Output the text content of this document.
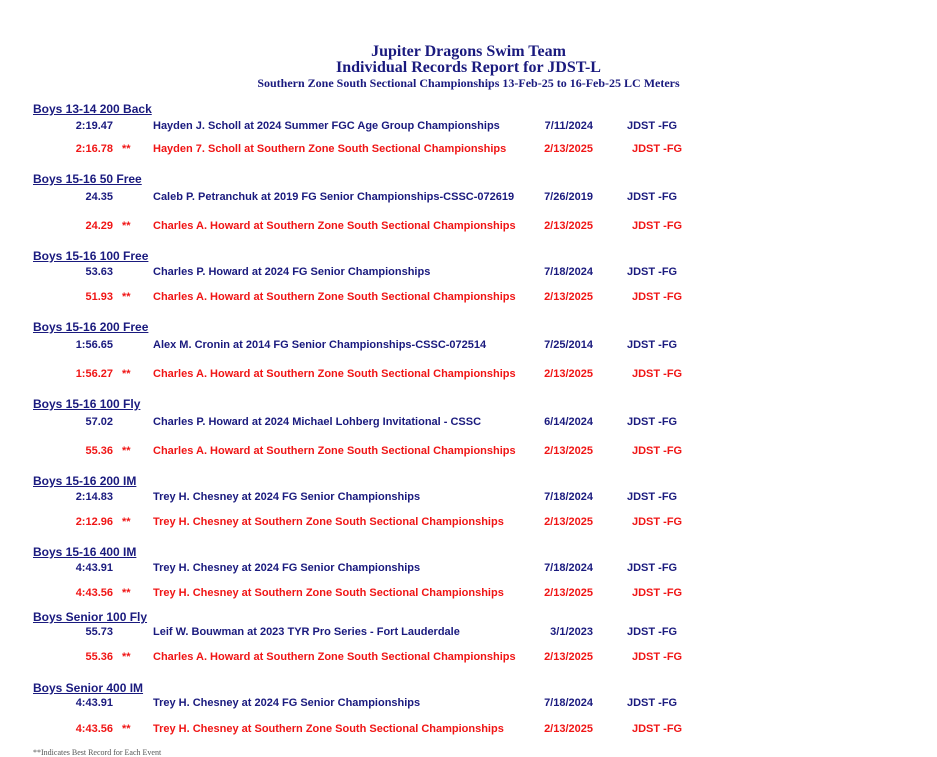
Jupiter Dragons Swim Team
Individual Records Report for JDST-L
Southern Zone South Sectional Championships 13-Feb-25 to 16-Feb-25 LC Meters
Boys 13-14 200 Back
2:19.47	Hayden J. Scholl at 2024 Summer FGC Age Group Championships	7/11/2024	JDST -FG
2:16.78 ** Hayden 7. Scholl at Southern Zone South Sectional Championships	2/13/2025	JDST -FG
Boys 15-16 50 Free
24.35	Caleb P. Petranchuk at 2019 FG Senior Championships-CSSC-072619	7/26/2019	JDST -FG
24.29 ** Charles A. Howard at Southern Zone South Sectional Championships	2/13/2025	JDST -FG
Boys 15-16 100 Free
53.63	Charles P. Howard at 2024 FG Senior Championships	7/18/2024	JDST -FG
51.93 ** Charles A. Howard at Southern Zone South Sectional Championships	2/13/2025	JDST -FG
Boys 15-16 200 Free
1:56.65	Alex M. Cronin at 2014 FG Senior Championships-CSSC-072514	7/25/2014	JDST -FG
1:56.27 ** Charles A. Howard at Southern Zone South Sectional Championships	2/13/2025	JDST -FG
Boys 15-16 100 Fly
57.02	Charles P. Howard at 2024 Michael Lohberg Invitational - CSSC	6/14/2024	JDST -FG
55.36 ** Charles A. Howard at Southern Zone South Sectional Championships	2/13/2025	JDST -FG
Boys 15-16 200 IM
2:14.83	Trey H. Chesney at 2024 FG Senior Championships	7/18/2024	JDST -FG
2:12.96 ** Trey H. Chesney at Southern Zone South Sectional Championships	2/13/2025	JDST -FG
Boys 15-16 400 IM
4:43.91	Trey H. Chesney at 2024 FG Senior Championships	7/18/2024	JDST -FG
4:43.56 ** Trey H. Chesney at Southern Zone South Sectional Championships	2/13/2025	JDST -FG
Boys Senior 100 Fly
55.73	Leif W. Bouwman at 2023 TYR Pro Series - Fort Lauderdale	3/1/2023	JDST -FG
55.36 ** Charles A. Howard at Southern Zone South Sectional Championships	2/13/2025	JDST -FG
Boys Senior 400 IM
4:43.91	Trey H. Chesney at 2024 FG Senior Championships	7/18/2024	JDST -FG
4:43.56 ** Trey H. Chesney at Southern Zone South Sectional Championships	2/13/2025	JDST -FG
**Indicates Best Record for Each Event
